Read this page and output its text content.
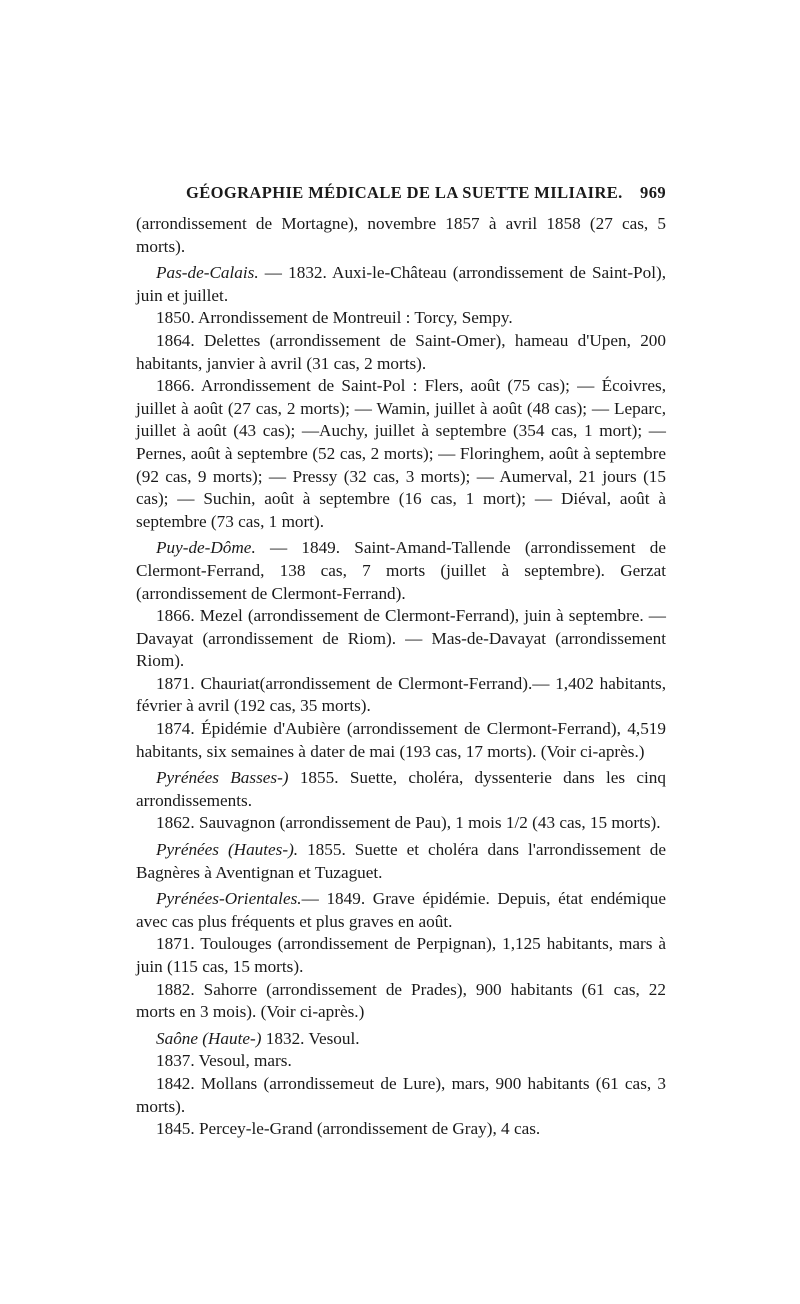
GÉOGRAPHIE MÉDICALE DE LA SUETTE MILIAIRE. 969

(arrondissement de Mortagne), novembre 1857 à avril 1858 (27 cas, 5 morts).

Pas-de-Calais. — 1832. Auxi-le-Château (arrondissement de Saint-Pol), juin et juillet.

1850. Arrondissement de Montreuil : Torcy, Sempy.

1864. Delettes (arrondissement de Saint-Omer), hameau d'Upen, 200 habitants, janvier à avril (31 cas, 2 morts).

1866. Arrondissement de Saint-Pol : Flers, août (75 cas); — Écoivres, juillet à août (27 cas, 2 morts); — Wamin, juillet à août (48 cas); — Leparc, juillet à août (43 cas); —Auchy, juillet à septembre (354 cas, 1 mort); — Pernes, août à septembre (52 cas, 2 morts); — Floringhem, août à septembre (92 cas, 9 morts); — Pressy (32 cas, 3 morts); — Aumerval, 21 jours (15 cas); — Suchin, août à septembre (16 cas, 1 mort); — Diéval, août à septembre (73 cas, 1 mort).

Puy-de-Dôme. — 1849. Saint-Amand-Tallende (arrondissement de Clermont-Ferrand, 138 cas, 7 morts (juillet à septembre). Gerzat (arrondissement de Clermont-Ferrand).

1866. Mezel (arrondissement de Clermont-Ferrand), juin à septembre. — Davayat (arrondissement de Riom). — Mas-de-Davayat (arrondissement Riom).

1871. Chauriat(arrondissement de Clermont-Ferrand).— 1,402 habitants, février à avril (192 cas, 35 morts).

1874. Épidémie d'Aubière (arrondissement de Clermont-Ferrand), 4,519 habitants, six semaines à dater de mai (193 cas, 17 morts). (Voir ci-après.)

Pyrénées Basses-) 1855. Suette, choléra, dyssenterie dans les cinq arrondissements.

1862. Sauvagnon (arrondissement de Pau), 1 mois 1/2 (43 cas, 15 morts).

Pyrénées (Hautes-). 1855. Suette et choléra dans l'arrondissement de Bagnères à Aventignan et Tuzaguet.

Pyrénées-Orientales.— 1849. Grave épidémie. Depuis, état endémique avec cas plus fréquents et plus graves en août.

1871. Toulouges (arrondissement de Perpignan), 1,125 habitants, mars à juin (115 cas, 15 morts).

1882. Sahorre (arrondissement de Prades), 900 habitants (61 cas, 22 morts en 3 mois). (Voir ci-après.)

Saône (Haute-) 1832. Vesoul.

1837. Vesoul, mars.

1842. Mollans (arrondissemeut de Lure), mars, 900 habitants (61 cas, 3 morts).

1845. Percey-le-Grand (arrondissement de Gray), 4 cas.
